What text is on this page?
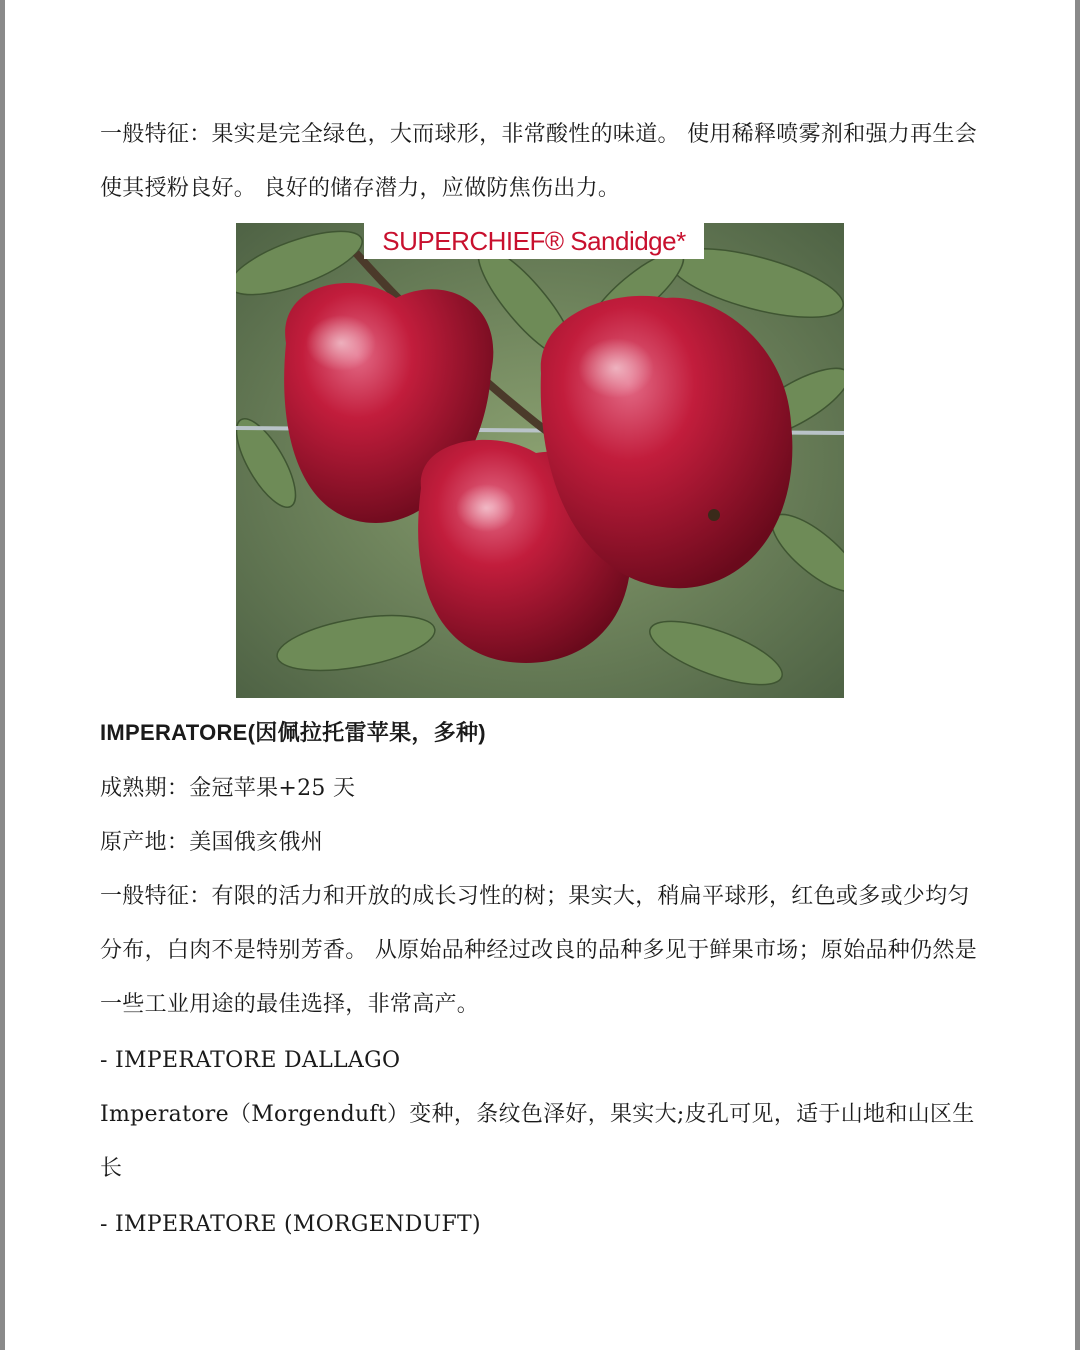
一般特征：果实是完全绿色，大而球形，非常酸性的味道。 使用稀释喷雾剂和强力再生会使其授粉良好。 良好的储存潜力，应做防焦伤出力。
SUPERCHIEF® Sandidge*
IMPERATORE(因佩拉托雷苹果，多种)
成熟期：金冠苹果+25 天
原产地：美国俄亥俄州
一般特征：有限的活力和开放的成长习性的树；果实大，稍扁平球形，红色或多或少均匀分布，白肉不是特别芳香。 从原始品种经过改良的品种多见于鲜果市场；原始品种仍然是一些工业用途的最佳选择，非常高产。
- IMPERATORE DALLAGO
Imperatore（Morgenduft）变种，条纹色泽好，果实大;皮孔可见，适于山地和山区生长
- IMPERATORE (MORGENDUFT)
